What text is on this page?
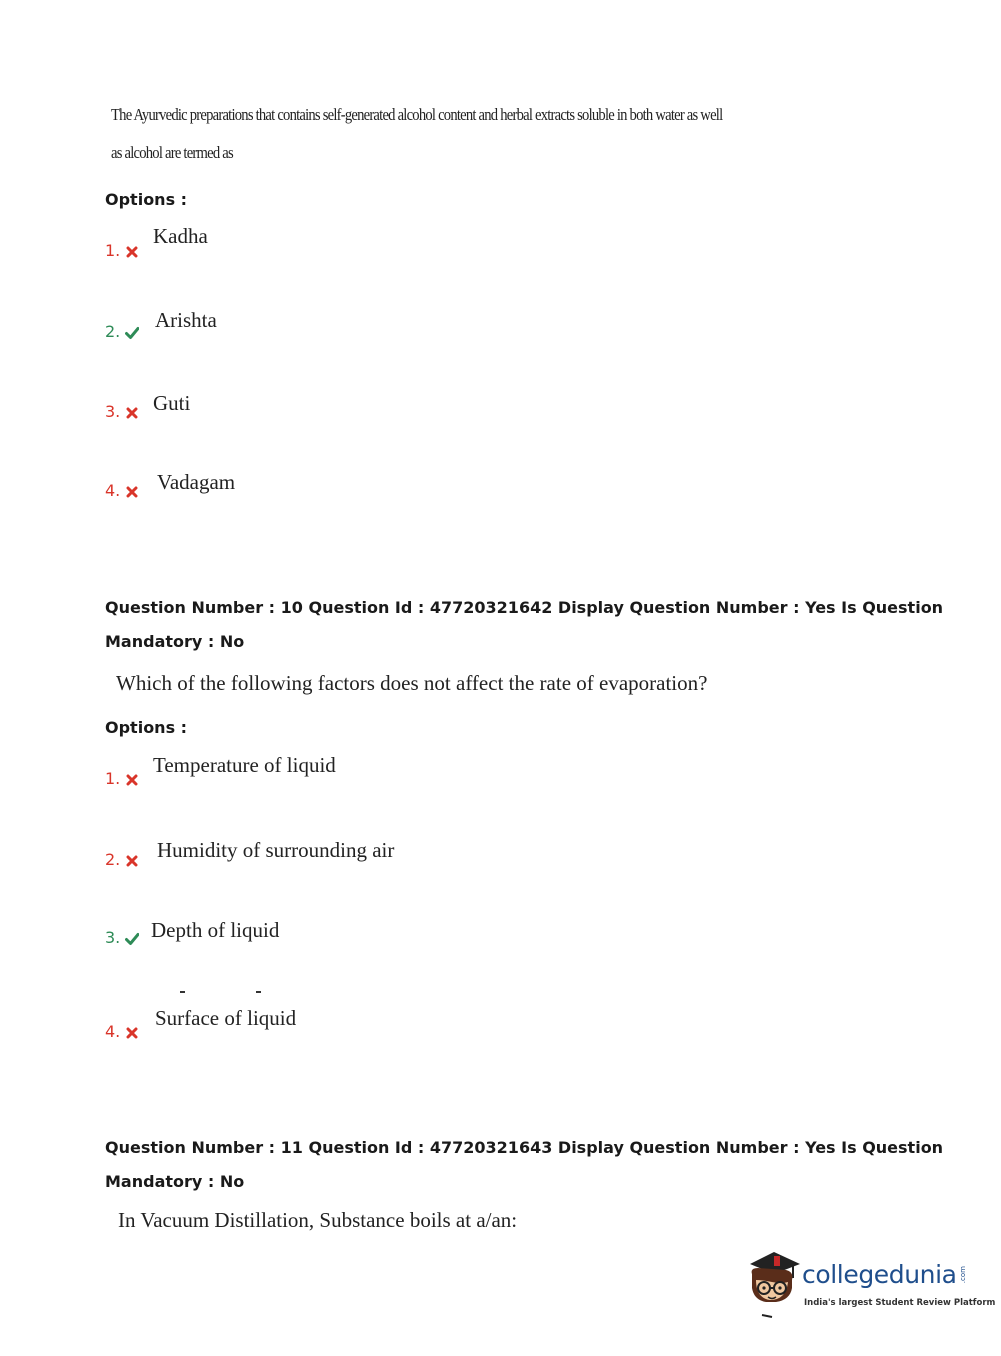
The Ayurvedic preparations that contains self-generated alcohol content and herbal extracts soluble in both water as well
as alcohol are termed as
Options :
1.
Kadha
2.	Arishta
3.	Guti
4.	Vadagam
Question Number : 10 Question Id : 47720321642 Display Question Number : Yes Is Question
Mandatory : No
Which of the following factors does not affect the rate of evaporation?
Options :
1.
Temperature of liquid
2.	Humidity of surrounding air
3.	Depth of liquid
4.
Surface of liquid
Question Number : 11 Question Id : 47720321643 Display Question Number : Yes Is Question
Mandatory : No
In Vacuum Distillation, Substance boils at a/an:
collegedunia .com
India's largest Student Review Platform
